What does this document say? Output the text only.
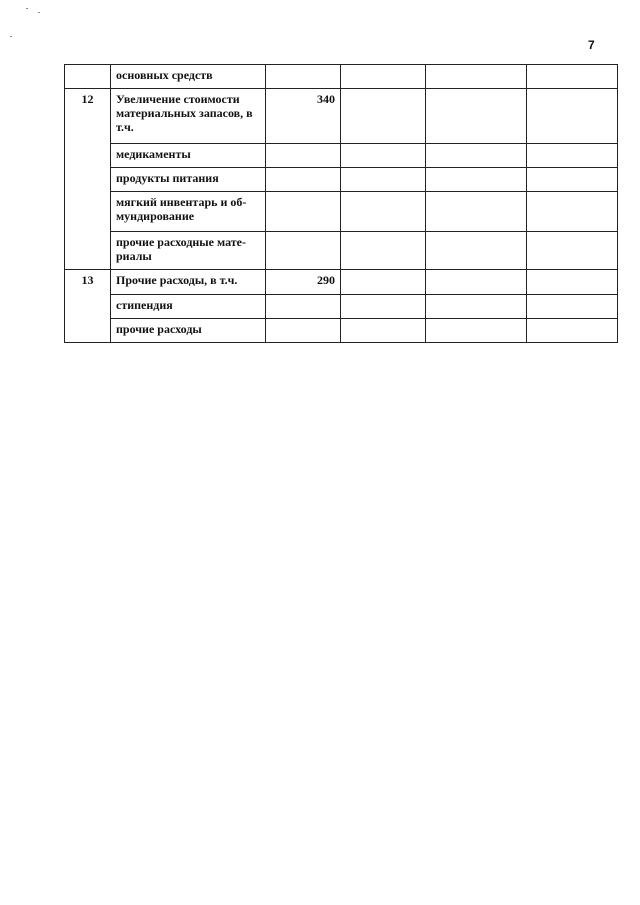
7
	основных средств				
12	Увеличение стоимости материальных запасов, в т.ч.	340			
	медикаменты				
	продукты питания				
	мягкий инвентарь и об-мундирование				
	прочие расходные мате-риалы				
13	Прочие расходы, в т.ч.	290			
	стипендия				
	прочие расходы				
